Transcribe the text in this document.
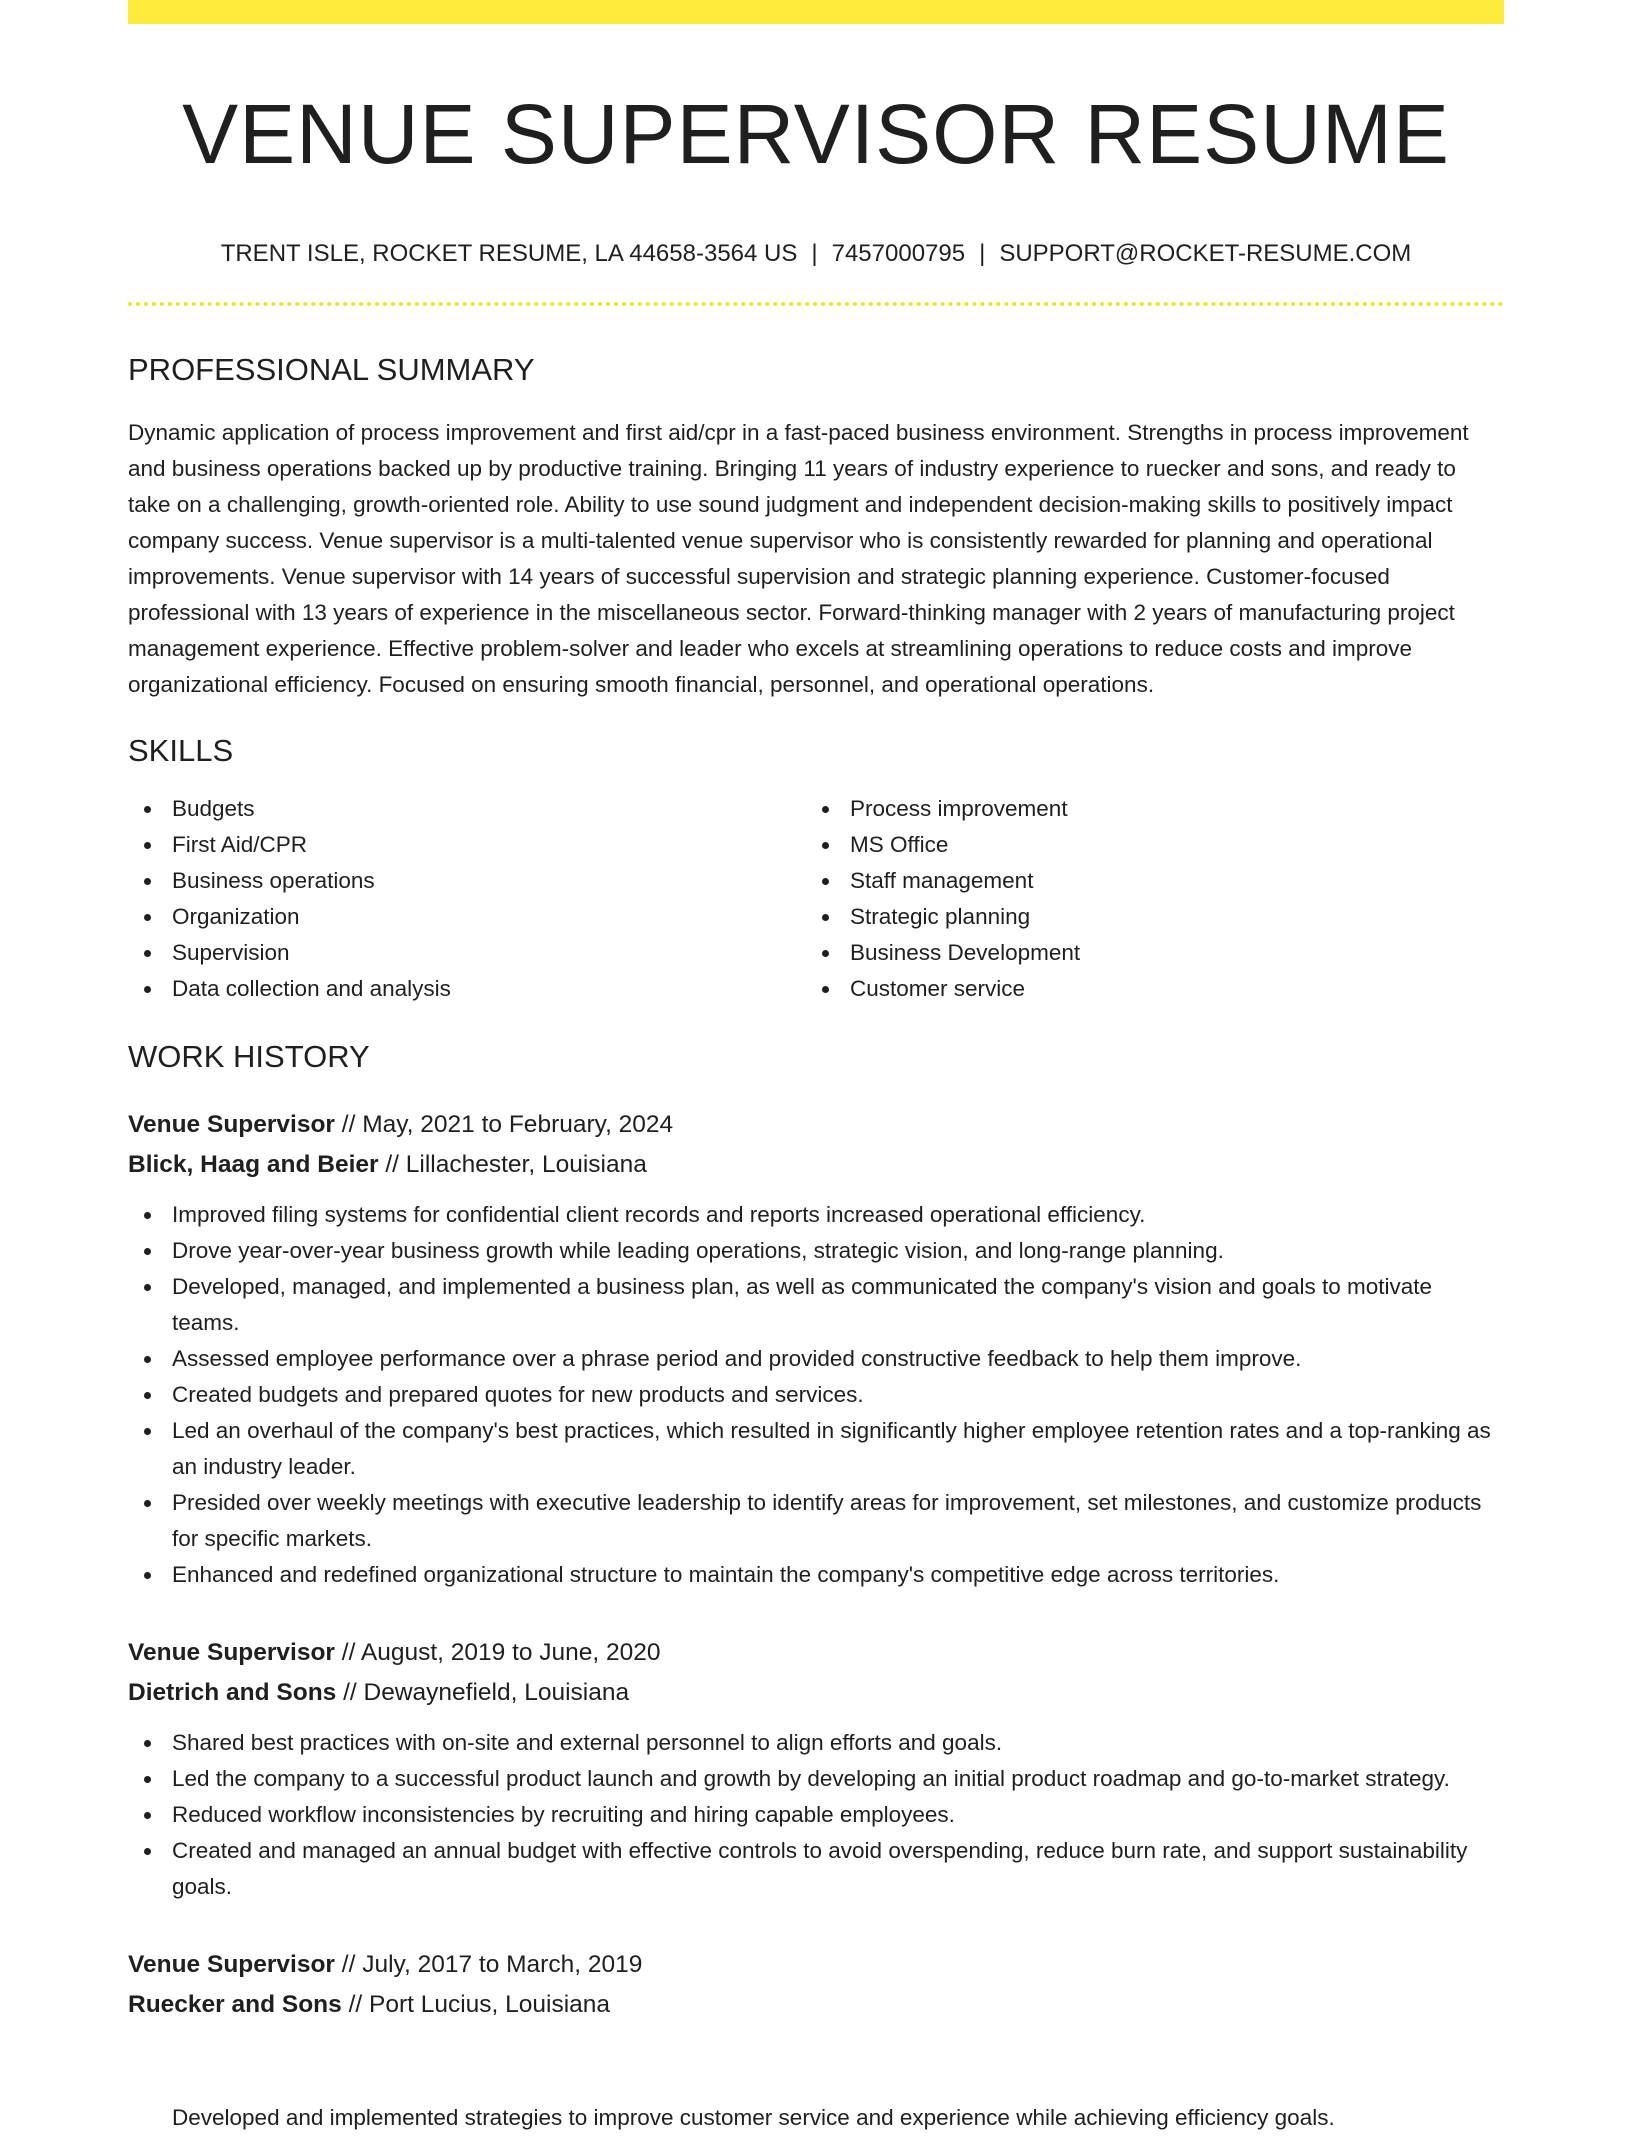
VENUE SUPERVISOR RESUME
TRENT ISLE, ROCKET RESUME, LA 44658-3564 US | 7457000795 | SUPPORT@ROCKET-RESUME.COM
PROFESSIONAL SUMMARY

Dynamic application of process improvement and first aid/cpr in a fast-paced business environment. Strengths in process improvement and business operations backed up by productive training. Bringing 11 years of industry experience to ruecker and sons, and ready to take on a challenging, growth-oriented role. Ability to use sound judgment and independent decision-making skills to positively impact company success. Venue supervisor is a multi-talented venue supervisor who is consistently rewarded for planning and operational improvements. Venue supervisor with 14 years of successful supervision and strategic planning experience. Customer-focused professional with 13 years of experience in the miscellaneous sector. Forward-thinking manager with 2 years of manufacturing project management experience. Effective problem-solver and leader who excels at streamlining operations to reduce costs and improve organizational efficiency. Focused on ensuring smooth financial, personnel, and operational operations.

SKILLS
Budgets
First Aid/CPR
Business operations
Organization
Supervision
Data collection and analysis
Process improvement
MS Office
Staff management
Strategic planning
Business Development
Customer service
WORK HISTORY
Venue Supervisor // May, 2021 to February, 2024
Blick, Haag and Beier // Lillachester, Louisiana
Improved filing systems for confidential client records and reports increased operational efficiency.
Drove year-over-year business growth while leading operations, strategic vision, and long-range planning.
Developed, managed, and implemented a business plan, as well as communicated the company's vision and goals to motivate teams.
Assessed employee performance over a phrase period and provided constructive feedback to help them improve.
Created budgets and prepared quotes for new products and services.
Led an overhaul of the company's best practices, which resulted in significantly higher employee retention rates and a top-ranking as an industry leader.
Presided over weekly meetings with executive leadership to identify areas for improvement, set milestones, and customize products for specific markets.
Enhanced and redefined organizational structure to maintain the company's competitive edge across territories.
Venue Supervisor // August, 2019 to June, 2020
Dietrich and Sons // Dewaynefield, Louisiana
Shared best practices with on-site and external personnel to align efforts and goals.
Led the company to a successful product launch and growth by developing an initial product roadmap and go-to-market strategy.
Reduced workflow inconsistencies by recruiting and hiring capable employees.
Created and managed an annual budget with effective controls to avoid overspending, reduce burn rate, and support sustainability goals.
Venue Supervisor // July, 2017 to March, 2019
Ruecker and Sons // Port Lucius, Louisiana
Developed and implemented strategies to improve customer service and experience while achieving efficiency goals.
